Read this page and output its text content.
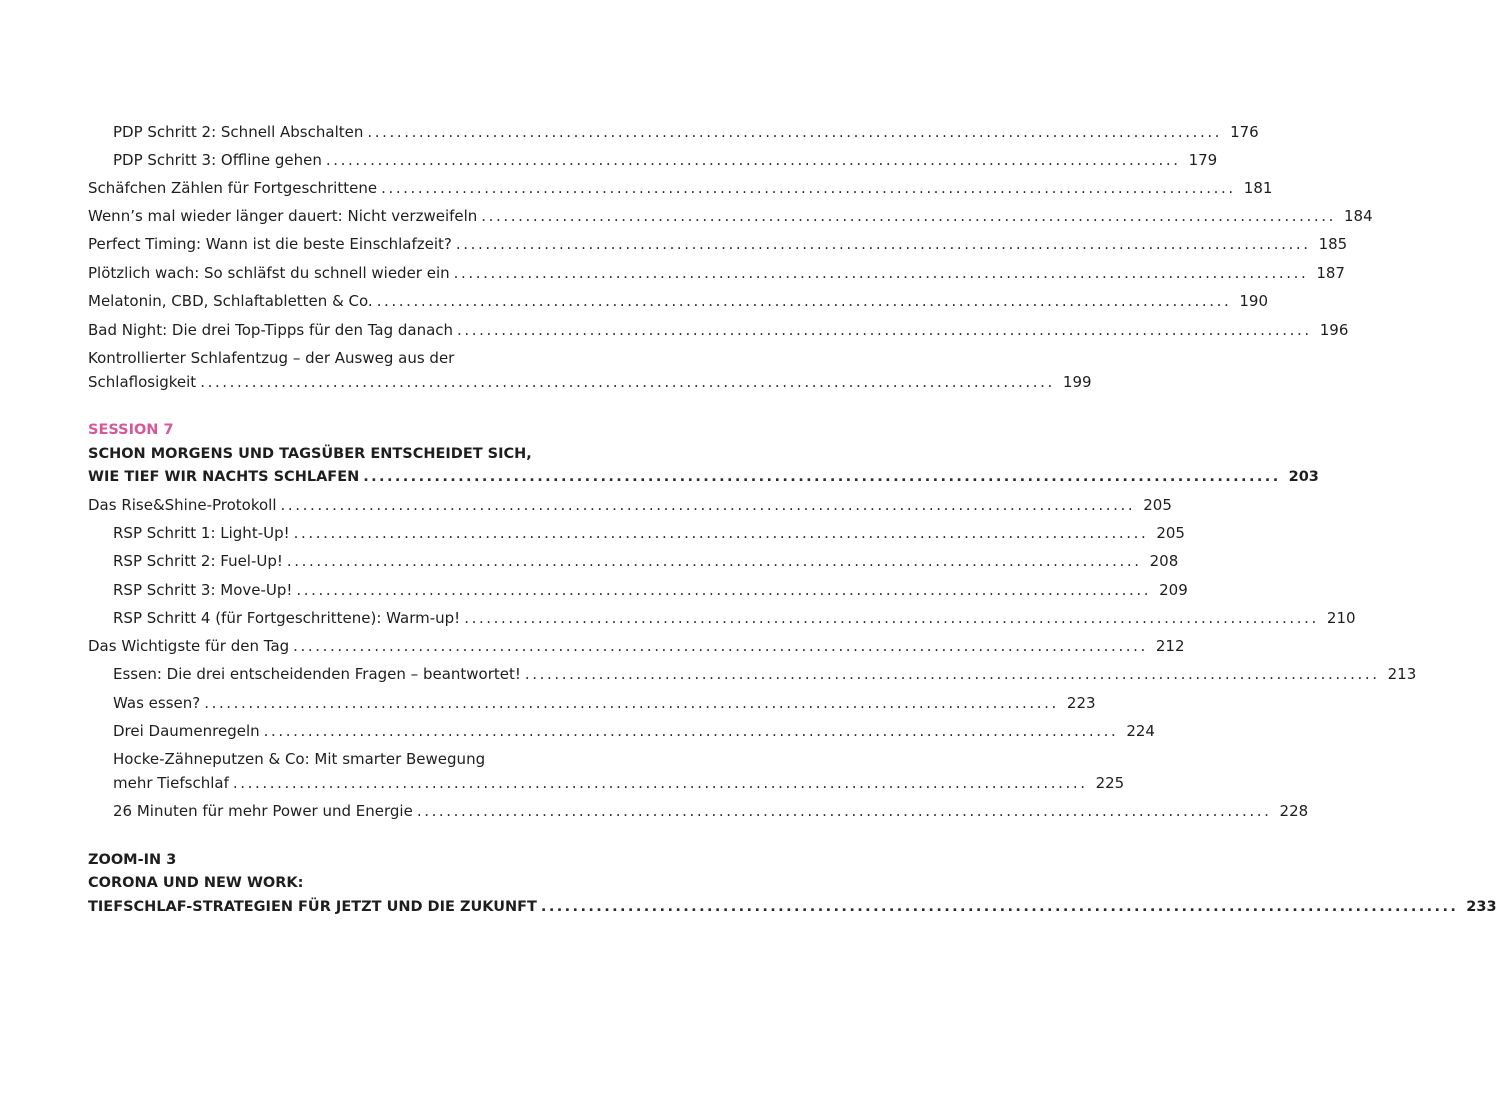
PDP Schritt 2: Schnell Abschalten .................................................................................................................... 176
PDP Schritt 3: Offline gehen .................................................................................................................... 179
Schäfchen Zählen für Fortgeschrittene .................................................................................................................... 181
Wenn’s mal wieder länger dauert: Nicht verzweifeln .................................................................................................................... 184
Perfect Timing: Wann ist die beste Einschlafzeit? .................................................................................................................... 185
Plötzlich wach: So schläfst du schnell wieder ein .................................................................................................................... 187
Melatonin, CBD, Schlaftabletten & Co. .................................................................................................................... 190
Bad Night: Die drei Top-Tipps für den Tag danach .................................................................................................................... 196
Kontrollierter Schlafentzug – der Ausweg aus der
Schlaflosigkeit .................................................................................................................... 199
SESSION 7
SCHON MORGENS UND TAGSÜBER ENTSCHEIDET SICH,
WIE TIEF WIR NACHTS SCHLAFEN .................................................................................................................... 203
Das Rise&Shine-Protokoll .................................................................................................................... 205
RSP Schritt 1: Light-Up! .................................................................................................................... 205
RSP Schritt 2: Fuel-Up! .................................................................................................................... 208
RSP Schritt 3: Move-Up! .................................................................................................................... 209
RSP Schritt 4 (für Fortgeschrittene): Warm-up! .................................................................................................................... 210
Das Wichtigste für den Tag .................................................................................................................... 212
Essen: Die drei entscheidenden Fragen – beantwortet! .................................................................................................................... 213
Was essen? .................................................................................................................... 223
Drei Daumenregeln .................................................................................................................... 224
Hocke-Zähneputzen & Co: Mit smarter Bewegung
mehr Tiefschlaf .................................................................................................................... 225
26 Minuten für mehr Power und Energie .................................................................................................................... 228
ZOOM-IN 3
CORONA UND NEW WORK:
TIEFSCHLAF-STRATEGIEN FÜR JETZT UND DIE ZUKUNFT .................................................................................................................... 233
